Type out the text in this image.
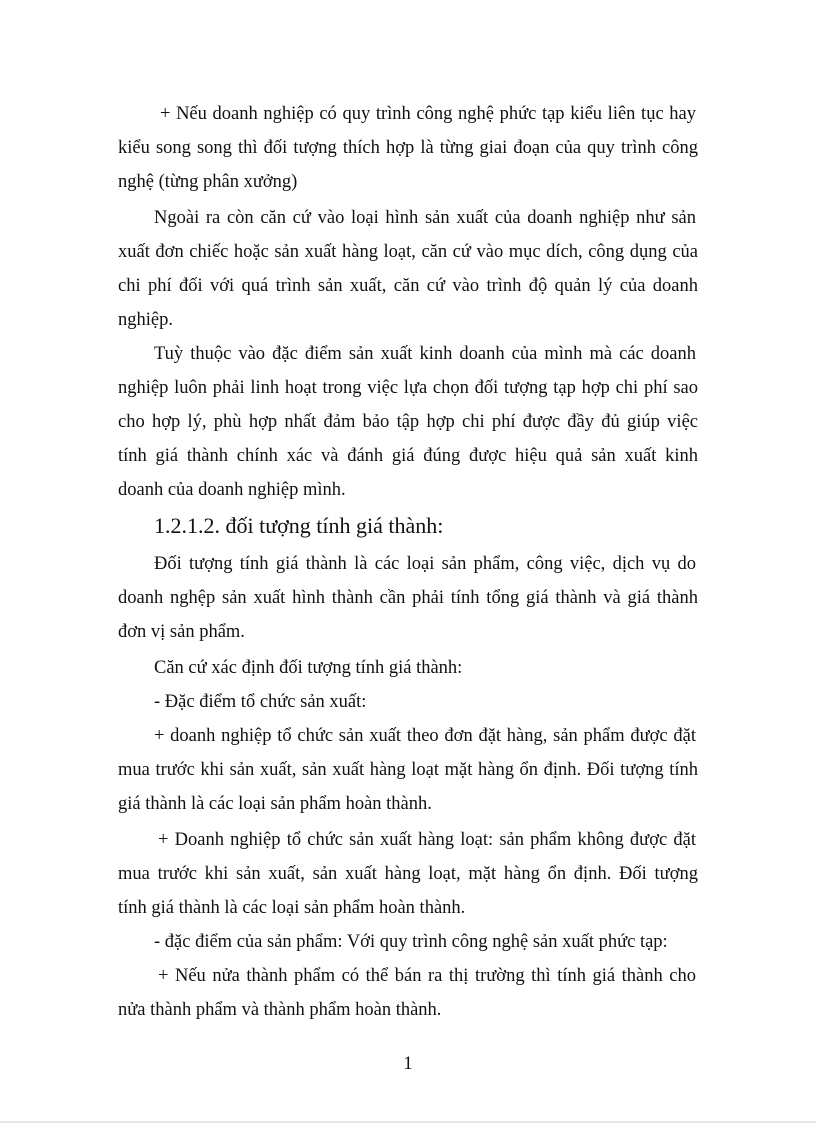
+ Nếu doanh nghiệp có quy trình công nghệ phức tạp kiểu liên tục hay
kiểu song song thì đối tượng thích hợp là từng giai đoạn của quy trình công
nghệ (từng phân xưởng)
Ngoài ra còn căn cứ vào loại hình sản xuất của doanh nghiệp như sản
xuất đơn chiếc hoặc sản xuất hàng loạt, căn cứ vào mục dích, công dụng của
chi phí đối với quá trình sản xuất, căn cứ vào trình độ quản lý của doanh
nghiệp.
Tuỳ thuộc vào đặc điểm sản xuất kinh doanh của mình mà các doanh
nghiệp luôn phải linh hoạt trong việc lựa chọn đối tượng tạp hợp chi phí sao
cho hợp lý, phù hợp nhất đảm bảo tập hợp chi phí được đầy đủ giúp việc
tính giá thành chính xác và đánh giá đúng được hiệu quả sản xuất kinh
doanh của doanh nghiệp mình.
1.2.1.2. đối tượng tính giá thành:
Đối tượng tính giá thành là các loại sản phẩm, công việc, dịch vụ do
doanh nghệp sản xuất hình thành cần phải tính tổng giá thành và giá thành
đơn vị sản phẩm.
Căn cứ xác định đối tượng tính giá thành:
- Đặc điểm tổ chức sản xuất:
+ doanh nghiệp tổ chức sản xuất theo đơn đặt hàng, sản phẩm được đặt
mua trước khi sản xuất, sản xuất hàng loạt mặt hàng ổn định. Đối tượng tính
giá thành là các loại sản phẩm hoàn thành.
+ Doanh nghiệp tổ chức sản xuất hàng loạt: sản phẩm không được đặt
mua trước khi sản xuất, sản xuất hàng loạt, mặt hàng ổn định. Đối tượng
tính giá thành là các loại sản phẩm hoàn thành.
- đặc điểm của sản phẩm: Với quy trình công nghệ sản xuất phức tạp:
+ Nếu nửa thành phẩm có thể bán ra thị trường thì tính giá thành cho
nửa thành phẩm và thành phẩm hoàn thành.
1
